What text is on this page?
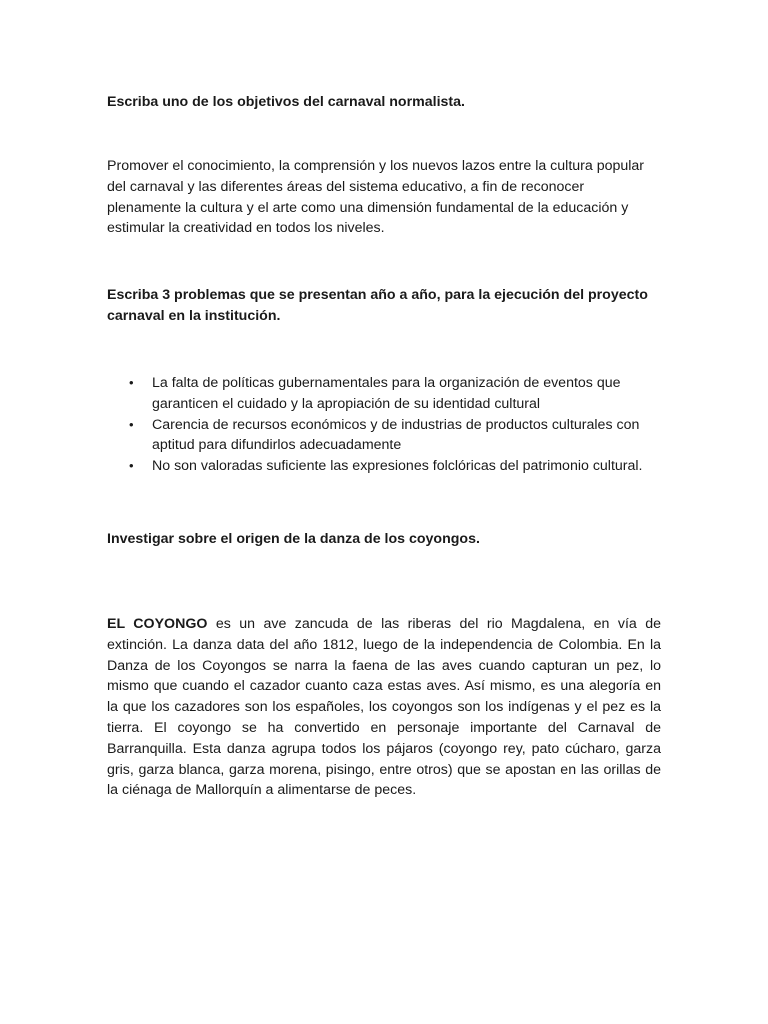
Escriba uno de los objetivos del carnaval normalista.

Promover el conocimiento, la comprensión y los nuevos lazos entre la cultura popular del carnaval y las diferentes áreas del sistema educativo, a fin de reconocer plenamente la cultura y el arte como una dimensión fundamental de la educación y estimular la creatividad en todos los niveles.

Escriba 3 problemas que se presentan año a año, para la ejecución del proyecto carnaval en la institución.

• La falta de políticas gubernamentales para la organización de eventos que garanticen el cuidado y la apropiación de su identidad cultural
• Carencia de recursos económicos y de industrias de productos culturales con aptitud para difundirlos adecuadamente
• No son valoradas suficiente las expresiones folclóricas del patrimonio cultural.

Investigar sobre el origen de la danza de los coyongos.

EL COYONGO es un ave zancuda de las riberas del rio Magdalena, en vía de extinción. La danza data del año 1812, luego de la independencia de Colombia. En la Danza de los Coyongos se narra la faena de las aves cuando capturan un pez, lo mismo que cuando el cazador cuanto caza estas aves. Así mismo, es una alegoría en la que los cazadores son los españoles, los coyongos son los indígenas y el pez es la tierra. El coyongo se ha convertido en personaje importante del Carnaval de Barranquilla. Esta danza agrupa todos los pájaros (coyongo rey, pato cúcharo, garza gris, garza blanca, garza morena, pisingo, entre otros) que se apostan en las orillas de la ciénaga de Mallorquín a alimentarse de peces.
